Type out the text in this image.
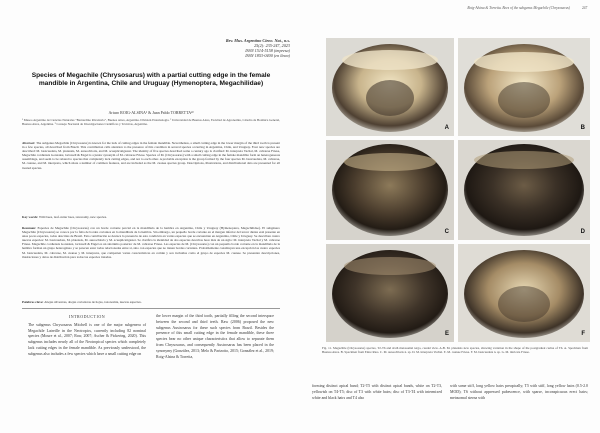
Roig-Alsina & Torretta. Bees of the subgenus Megachile (Chrysosarus)	247
Rev. Mus. Argentino Cienc. Nat., n.s.
25(2): 235-247, 2023
ISSN 1514-5158 (impresa)
ISSN 1853-0400 (en línea)
Species of Megachile (Chrysosarus) with a partial cutting edge in the female mandible in Argentina, Chile and Uruguay (Hymenoptera, Megachilidae)
Arturo ROIG-ALSINA¹ & Juan Pablo TORRETTA²³
¹ Museo Argentino de Ciencias Naturales "Bernardino Rivadavia", Buenos Aires, Argentina. División Entomología. ² Universidad de Buenos Aires, Facultad de Agronomía, Cátedra de Botánica General, Buenos Aires, Argentina. ³ Consejo Nacional de Investigaciones Científicas y Técnicas, Argentina.
Abstract: The subgenus Megachile (Chrysosarus) is known for the lack of cutting edges in the female mandible. Nevertheless, a small cutting edge in the lower margin of the third tooth is present in a few species, all described from Brazil. This contribution calls attention to the presence of this condition in several species occurring in Argentina, Chile, and Uruguay. Four new species are described: M. basicaudata, M. platensis, M. aureochloris, and M. acuaplicatigaster. The identity of five species described some a century ago is clarified: M. interpreta Vachal, M. cabrarae Friese, Megachile cordiensis Gonzalez, Griswell & Engel is a junior synonym of M. cabrarae Friese. Species of M. (Chrysosarus) with a small cutting edge in the female mandible form an heterogeneous assemblage, and seem to be related to species that completely lack cutting edges, and not to each other. A probable exception is the group formed by the four species M. basicaudata, M. cabrarae, M. cuanae, and M. interpreta, which share a number of common features, and are included as the M. cuanae species group. Descriptions, illustrations, and distributional data are presented for all treated species.
Key words: Wild bees, leaf-cutter bees, taxonomy, new species.
Resumen: Especies de Megachile (Chrysosarus) con un borde cortante parcial en la mandíbula de la hembra en Argentina, Chile y Uruguay (Hymenoptera, Megachilidae). El subgénero Megachile (Chrysosarus) se conoce por la falta de bordes cortantes en la mandíbula de la hembra. Sin embargo, un pequeño borde cortante en el margen inferior del tercer diente está presente en unas pocas especies, todas descritas de Brasil. Esta contribución se destaca la presencia de esta condición en varias especies que se encuentran en Argentina, Chile y Uruguay. Se describen cuatro nuevas especies: M. basicaudata, M. platensis, M. aureochloris y M. acuaplicatigaster. Se clarifica la identidad de dos especies descritas hace más de un siglo: M. interpreta Vachal y M. cabrarae Friese. Megachile cordiensis Gonzalez, Griswell & Engel es un sinónimo posterior de M. cabrarae Friese. Las especies de M. (Chrysosarus) con un pequeño borde cortante en la mandíbula de la hembra forman un grupo heterogéneo y se parecen estar todas relacionadas entre sí, sino con especies que no tienen bordes cortantes. Probablemente constituyen una excepción las cuatro especies M. basicaudata, M. cabrarae, M. cuanae y M. interpreta, que comparten varias características en común y son incluidas como el grupo de especies M. cuanae. Se presentan descripciones, ilustraciones y datos de distribución para todas las especies tratadas.
Palabras clave: Abejas silvestres, abejas cortadoras de hojas, taxonomía, nuevas especies.
INTRODUCTION
The subgenus Chrysosarus Mitchell is one of the major subgenera of Megachile Latreille in the Neotropics, currently including 82 nominal species (Moure et al., 2007; Raw, 2007; Ascher & Pickering, 2020). This subgenus includes nearly all of the Neotropical species which completely lack cutting edges in the female mandible. As previously understood, the subgenus also includes a few species which have a small cutting edge on
the lower margin of the third tooth, partially filling the second interspace between the second and third teeth. Raw (2006) proposed the new subgenus Austrosarus for these such species from Brazil. Besides the presence of this small cutting edge in the female mandible, these three species bear no other unique characteristics that allow to separate them from Chrysosarus, and consequently Austrosarus has been placed in the synonymy (González, 2013; Melo & Parizotto, 2015; González et al., 2019; Roig-Alsina & Torretta,
A	B
C	D
E	F
Fig. 11. Megachile (Chrysosarus) species, T2-T6 and sixth metasomal terga, caudal view. A-B. M. platensis new species, showing variation in the shape of the postgradual carina of T6. A. Specimen from Buenos Aires. B. Specimen from Entre Ríos. C. M. aureochloris n. sp. D. M. interpreta Vachal. E. M. cuanae Friese. F. M. basicaudata n. sp. G. M. intricata Friese.
forming distinct apical band; T2-T5 with distinct apical bands, white on T2-T3, yellowish on T4-T5; disc of T3 with white hairs; disc of T3-T4 with intermixed white and black hairs and T4 also
with some stiff, long yellow hairs preapically; T5 with stiff, long yellow hairs (0.5-2.0 MOD); T6 without appressed pubescence, with sparse, inconspicuous erect hairs; metasomal sterna with
